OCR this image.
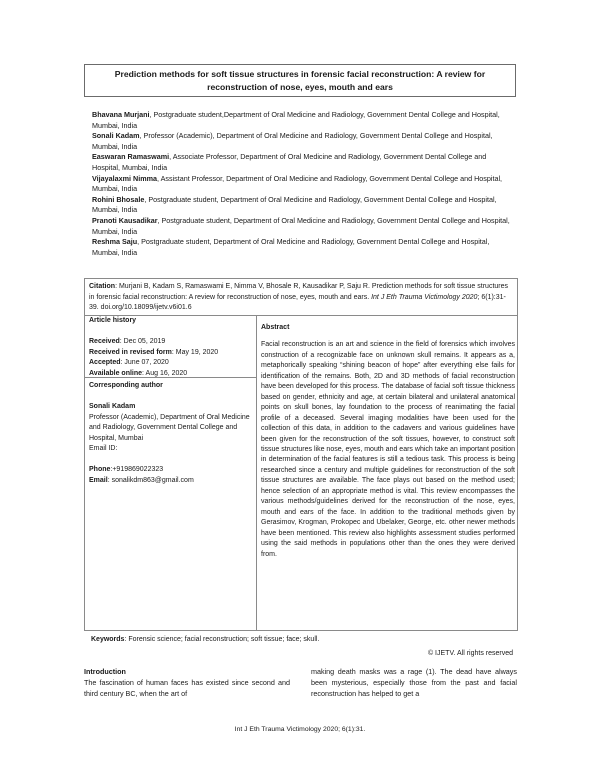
Prediction methods for soft tissue structures in forensic facial reconstruction: A review for reconstruction of nose, eyes, mouth and ears

Bhavana Murjani, Postgraduate student,Department of Oral Medicine and Radiology, Government Dental College and Hospital, Mumbai, India

Sonali Kadam, Professor (Academic), Department of Oral Medicine and Radiology, Government Dental College and Hospital, Mumbai, India

Easwaran Ramaswami, Associate Professor, Department of Oral Medicine and Radiology, Government Dental College and Hospital, Mumbai, India

Vijayalaxmi Nimma, Assistant Professor, Department of Oral Medicine and Radiology, Government Dental College and Hospital, Mumbai, India

Rohini Bhosale, Postgraduate student, Department of Oral Medicine and Radiology, Government Dental College and Hospital, Mumbai, India

Pranoti Kausadikar, Postgraduate student, Department of Oral Medicine and Radiology, Government Dental College and Hospital, Mumbai, India

Reshma Saju, Postgraduate student, Department of Oral Medicine and Radiology, Government Dental College and Hospital, Mumbai, India

Citation: Murjani B, Kadam S, Ramaswami E, Nimma V, Bhosale R, Kausadikar P, Saju R. Prediction methods for soft tissue structures in forensic facial reconstruction: A review for reconstruction of nose, eyes, mouth and ears. Int J Eth Trauma Victimology 2020; 6(1):31-39. doi.org/10.18099/ijetv.v6i01.6

Article history

Received: Dec 05, 2019

Received in revised form: May 19, 2020

Accepted: June 07, 2020

Available online: Aug 16, 2020

Corresponding author

Sonali Kadam

Professor (Academic), Department of Oral Medicine and Radiology, Government Dental College and Hospital, Mumbai

Email ID:

Phone:+919869022323

Email: sonalikdm863@gmail.com

Abstract

Facial reconstruction is an art and science in the field of forensics which involves construction of a recognizable face on unknown skull remains. It appears as a, metaphorically speaking “shining beacon of hope” after everything else fails for identification of the remains. Both, 2D and 3D methods of facial reconstruction have been developed for this process. The database of facial soft tissue thickness based on gender, ethnicity and age, at certain bilateral and unilateral anatomical points on skull bones, lay foundation to the process of reanimating the facial profile of a deceased. Several imaging modalities have been used for the collection of this data, in addition to the cadavers and various guidelines have been given for the reconstruction of the soft tissues, however, to construct soft tissue structures like nose, eyes, mouth and ears which take an important position in determination of the facial features is still a tedious task. This process is being researched since a century and multiple guidelines for reconstruction of the soft tissue structures are available. The face plays out based on the method used; hence selection of an appropriate method is vital. This review encompasses the various methods/guidelines derived for the reconstruction of the nose, eyes, mouth and ears of the face. In addition to the traditional methods given by Gerasimov, Krogman, Prokopec and Ubelaker, George, etc. other newer methods have been mentioned. This review also highlights assessment studies performed using the said methods in populations other than the ones they were derived from.

Keywords: Forensic science; facial reconstruction; soft tissue; face; skull.
© IJETV. All rights reserved

Introduction

The fascination of human faces has existed since second and third century BC, when the art of

making death masks was a rage (1). The dead have always been mysterious, especially those from the past and facial reconstruction has helped to get a

Int J Eth Trauma Victimology 2020; 6(1):31.
